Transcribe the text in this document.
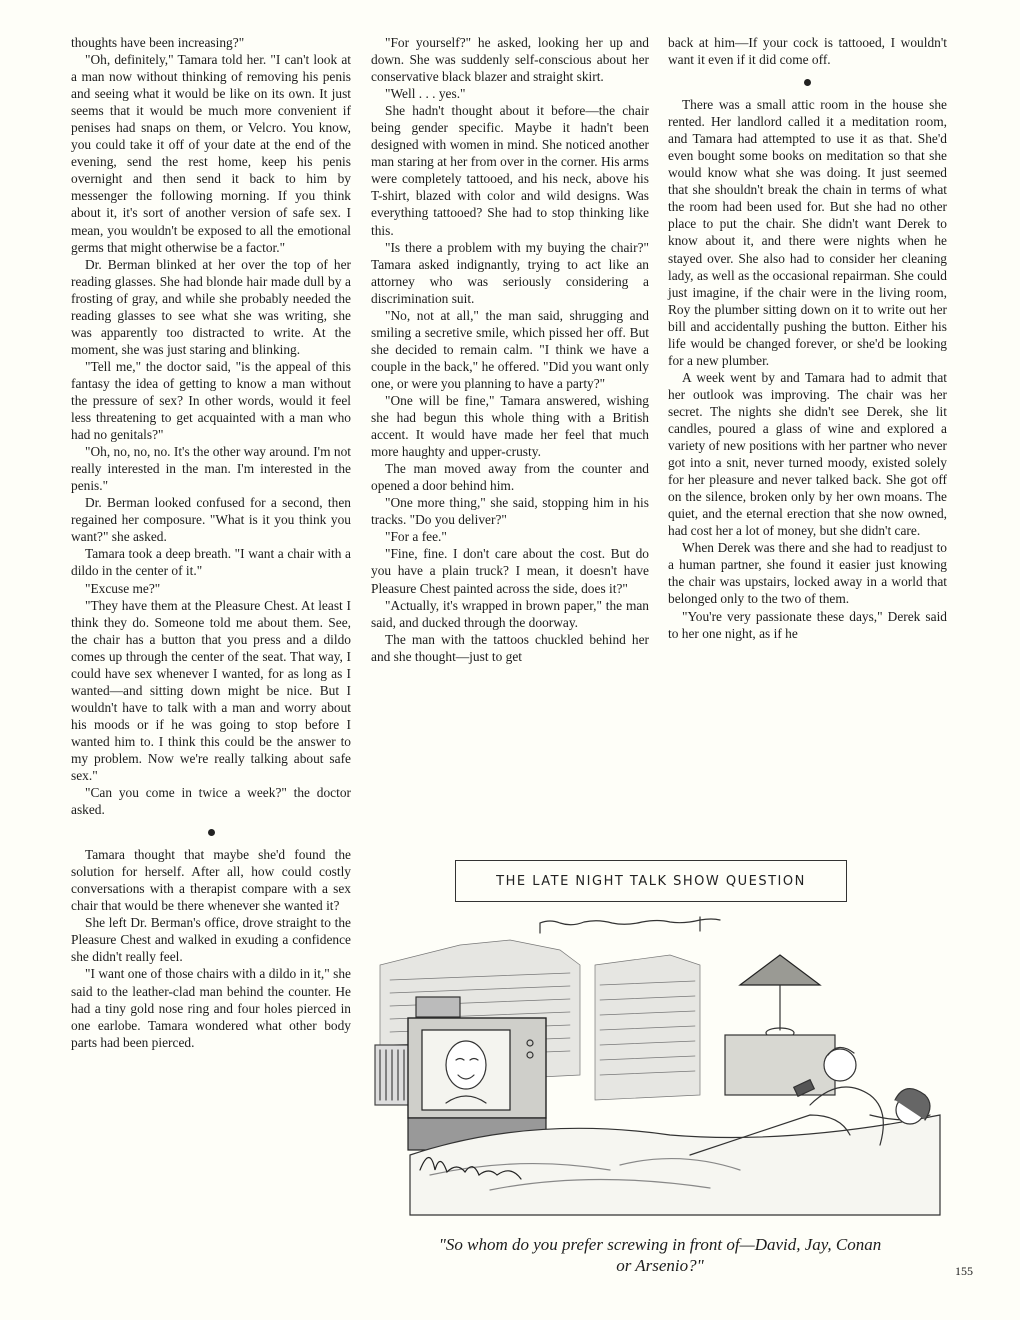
thoughts have been increasing?"

"Oh, definitely," Tamara told her. "I can't look at a man now without thinking of removing his penis and seeing what it would be like on its own. It just seems that it would be much more convenient if penises had snaps on them, or Velcro. You know, you could take it off of your date at the end of the evening, send the rest home, keep his penis overnight and then send it back to him by messenger the following morning. If you think about it, it's sort of another version of safe sex. I mean, you wouldn't be exposed to all the emotional germs that might otherwise be a factor."

Dr. Berman blinked at her over the top of her reading glasses. She had blonde hair made dull by a frosting of gray, and while she probably needed the reading glasses to see what she was writing, she was apparently too distracted to write. At the moment, she was just staring and blinking.

"Tell me," the doctor said, "is the appeal of this fantasy the idea of getting to know a man without the pressure of sex? In other words, would it feel less threatening to get acquainted with a man who had no genitals?"

"Oh, no, no, no. It's the other way around. I'm not really interested in the man. I'm interested in the penis."

Dr. Berman looked confused for a second, then regained her composure. "What is it you think you want?" she asked.

Tamara took a deep breath. "I want a chair with a dildo in the center of it."

"Excuse me?"

"They have them at the Pleasure Chest. At least I think they do. Someone told me about them. See, the chair has a button that you press and a dildo comes up through the center of the seat. That way, I could have sex whenever I wanted, for as long as I wanted—and sitting down might be nice. But I wouldn't have to talk with a man and worry about his moods or if he was going to stop before I wanted him to. I think this could be the answer to my problem. Now we're really talking about safe sex."

"Can you come in twice a week?" the doctor asked.

Tamara thought that maybe she'd found the solution for herself. After all, how could costly conversations with a therapist compare with a sex chair that would be there whenever she wanted it?

She left Dr. Berman's office, drove straight to the Pleasure Chest and walked in exuding a confidence she didn't really feel.

"I want one of those chairs with a dildo in it," she said to the leather-clad man behind the counter. He had a tiny gold nose ring and four holes pierced in one earlobe. Tamara wondered what other body parts had been pierced.

"For yourself?" he asked, looking her up and down. She was suddenly self-conscious about her conservative black blazer and straight skirt.

"Well . . . yes."

She hadn't thought about it before—the chair being gender specific. Maybe it hadn't been designed with women in mind. She noticed another man staring at her from over in the corner. His arms were completely tattooed, and his neck, above his T-shirt, blazed with color and wild designs. Was everything tattooed? She had to stop thinking like this.

"Is there a problem with my buying the chair?" Tamara asked indignantly, trying to act like an attorney who was seriously considering a discrimination suit.

"No, not at all," the man said, shrugging and smiling a secretive smile, which pissed her off. But she decided to remain calm. "I think we have a couple in the back," he offered. "Did you want only one, or were you planning to have a party?"

"One will be fine," Tamara answered, wishing she had begun this whole thing with a British accent. It would have made her feel that much more haughty and upper-crusty.

The man moved away from the counter and opened a door behind him.

"One more thing," she said, stopping him in his tracks. "Do you deliver?"

"For a fee."

"Fine, fine. I don't care about the cost. But do you have a plain truck? I mean, it doesn't have Pleasure Chest painted across the side, does it?"

"Actually, it's wrapped in brown paper," the man said, and ducked through the doorway.

The man with the tattoos chuckled behind her and she thought—just to get

back at him—If your cock is tattooed, I wouldn't want it even if it did come off.

There was a small attic room in the house she rented. Her landlord called it a meditation room, and Tamara had attempted to use it as that. She'd even bought some books on meditation so that she would know what she was doing. It just seemed that she shouldn't break the chain in terms of what the room had been used for. But she had no other place to put the chair. She didn't want Derek to know about it, and there were nights when he stayed over. She also had to consider her cleaning lady, as well as the occasional repairman. She could just imagine, if the chair were in the living room, Roy the plumber sitting down on it to write out her bill and accidentally pushing the button. Either his life would be changed forever, or she'd be looking for a new plumber.

A week went by and Tamara had to admit that her outlook was improving. The chair was her secret. The nights she didn't see Derek, she lit candles, poured a glass of wine and explored a variety of new positions with her partner who never got into a snit, never turned moody, existed solely for her pleasure and never talked back. She got off on the silence, broken only by her own moans. The quiet, and the eternal erection that she now owned, had cost her a lot of money, but she didn't care.

When Derek was there and she had to readjust to a human partner, she found it easier just knowing the chair was upstairs, locked away in a world that belonged only to the two of them.

"You're very passionate these days," Derek said to her one night, as if he

THE LATE NIGHT TALK SHOW QUESTION
"So whom do you prefer screwing in front of—David, Jay, Conan or Arsenio?"	155
